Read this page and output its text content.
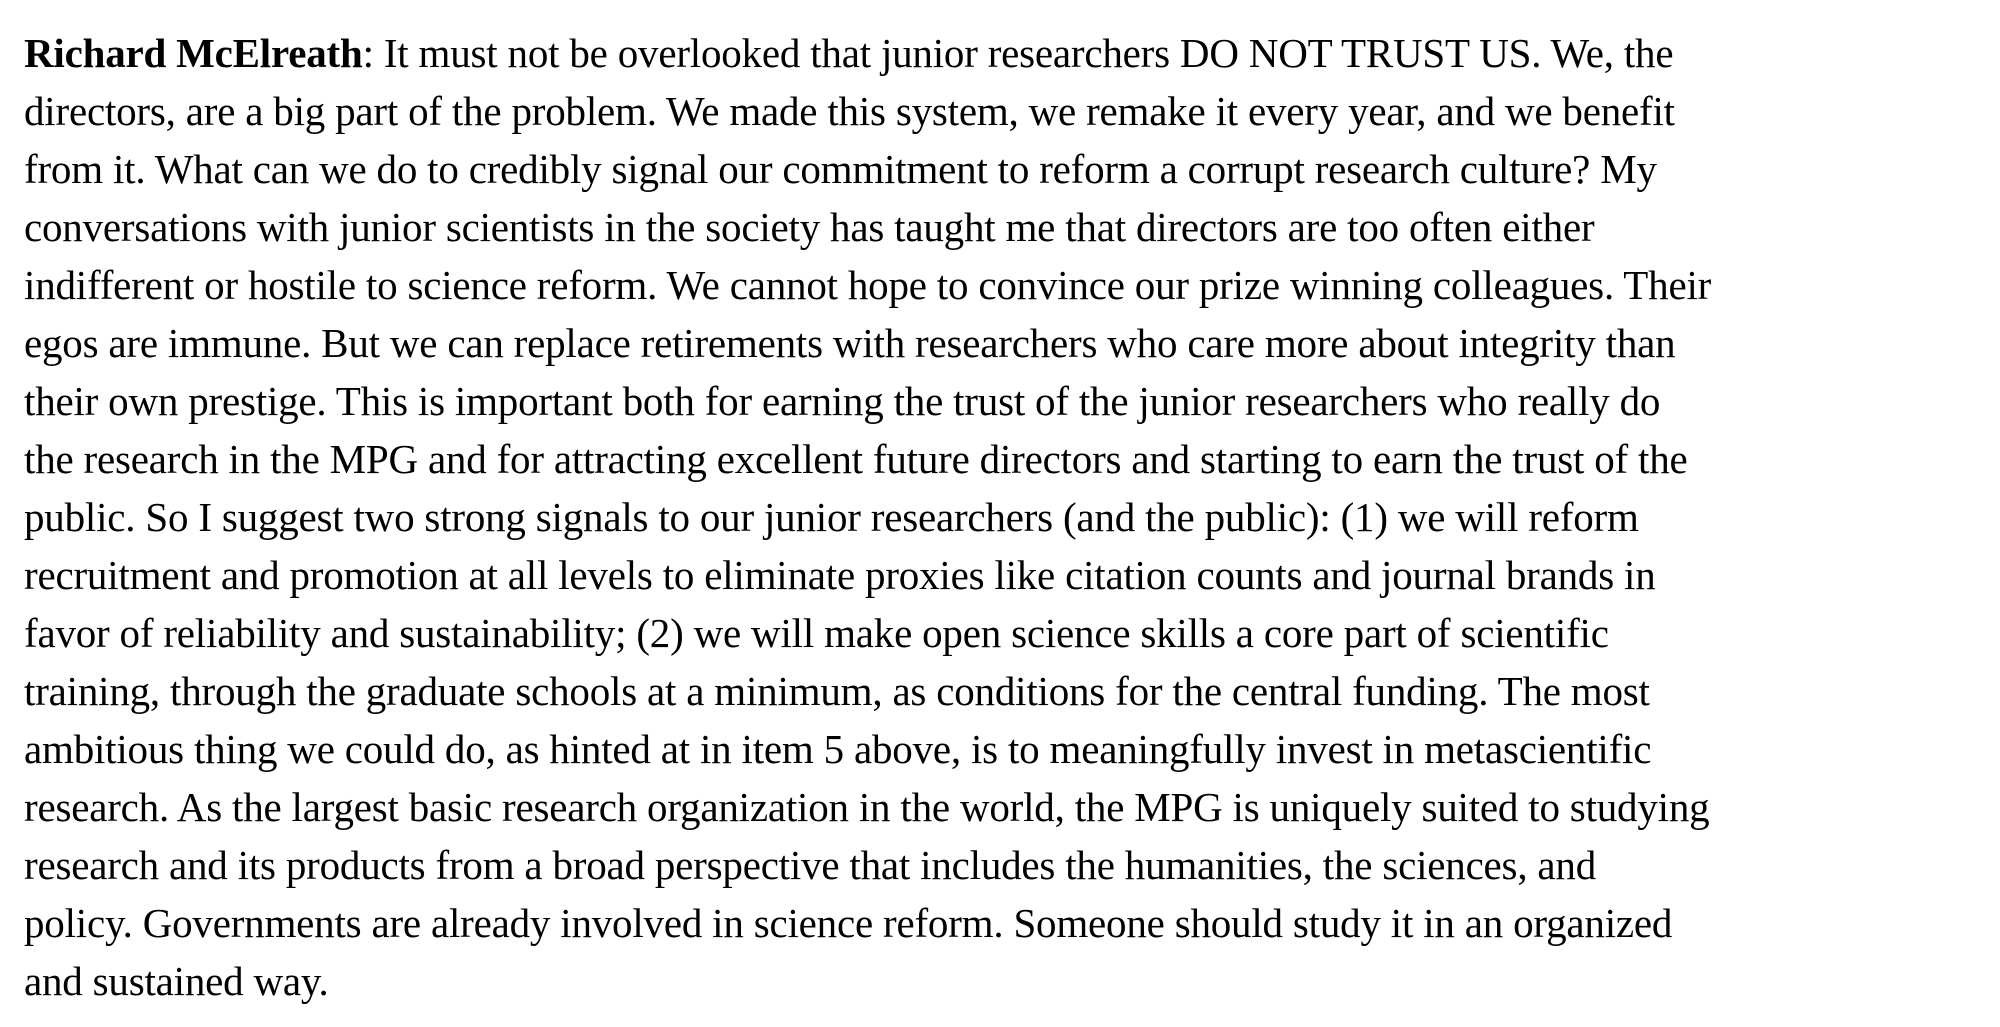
Richard McElreath: It must not be overlooked that junior researchers DO NOT TRUST US. We, the
directors, are a big part of the problem. We made this system, we remake it every year, and we benefit
from it. What can we do to credibly signal our commitment to reform a corrupt research culture? My
conversations with junior scientists in the society has taught me that directors are too often either
indifferent or hostile to science reform. We cannot hope to convince our prize winning colleagues. Their
egos are immune. But we can replace retirements with researchers who care more about integrity than
their own prestige. This is important both for earning the trust of the junior researchers who really do
the research in the MPG and for attracting excellent future directors and starting to earn the trust of the
public. So I suggest two strong signals to our junior researchers (and the public): (1) we will reform
recruitment and promotion at all levels to eliminate proxies like citation counts and journal brands in
favor of reliability and sustainability; (2) we will make open science skills a core part of scientific
training, through the graduate schools at a minimum, as conditions for the central funding. The most
ambitious thing we could do, as hinted at in item 5 above, is to meaningfully invest in metascientific
research. As the largest basic research organization in the world, the MPG is uniquely suited to studying
research and its products from a broad perspective that includes the humanities, the sciences, and
policy. Governments are already involved in science reform. Someone should study it in an organized
and sustained way.
